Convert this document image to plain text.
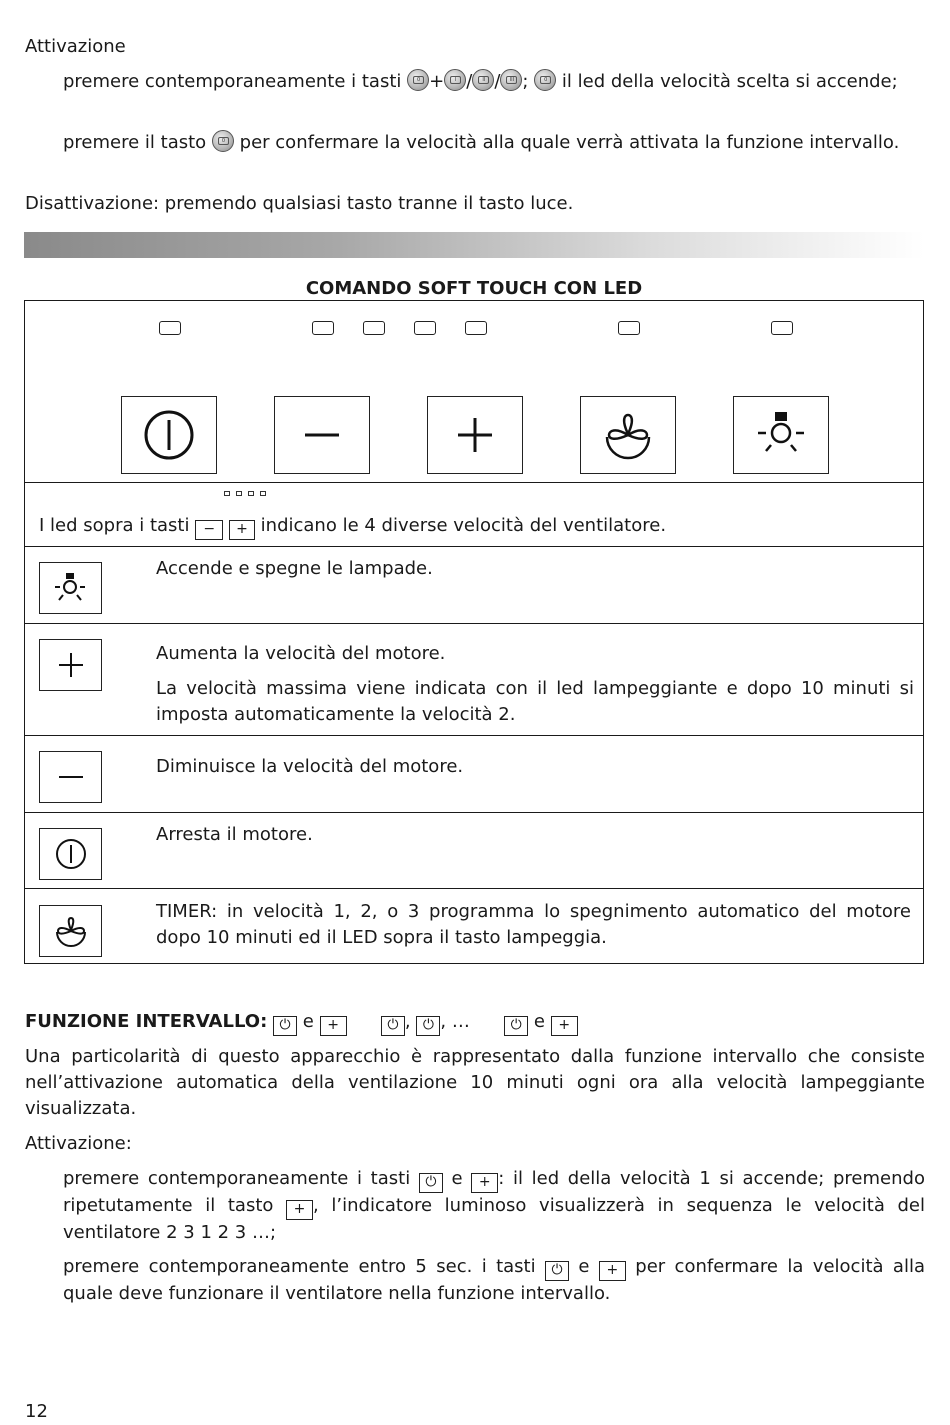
Attivazione
premere contemporaneamente i tasti	0 +	I /	II /	III ;	0 il led della velocità scelta si accende;
premere il tasto	0 per confermare la velocità alla quale verrà attivata la funzione intervallo.
Disattivazione: premendo qualsiasi tasto tranne il tasto luce.
COMANDO SOFT TOUCH CON LED
I led sopra i tasti − + indicano le 4 diverse velocità del ventilatore.
Accende e spegne le lampade.
Aumenta la velocità del motore.
La velocità massima viene indicata con il led lampeggiante e dopo 10 minuti si imposta automaticamente la velocità 2.
Diminuisce la velocità del motore.
Arresta il motore.
TIMER: in velocità 1, 2, o 3 programma lo spegnimento automatico del motore dopo 10 minuti ed il LED sopra il tasto lampeggia.
FUNZIONE INTERVALLO: ⏻ e +	⏻ , ⏻ , …	⏻ e +
Una particolarità di questo apparecchio è rappresentato dalla funzione intervallo che consiste nell’attivazione automatica della ventilazione 10 minuti ogni ora alla velocità lampeggiante visualizzata.
Attivazione:
premere contemporaneamente i tasti ⏻ e + : il led della velocità 1 si accende; premendo ripetutamente il tasto + , l’indicatore luminoso visualizzerà in sequenza le velocità del ventilatore 2 3 1 2 3 …;
premere contemporaneamente entro 5 sec. i tasti ⏻ e + per confermare la velocità alla quale deve funzionare il ventilatore nella funzione intervallo.
12
